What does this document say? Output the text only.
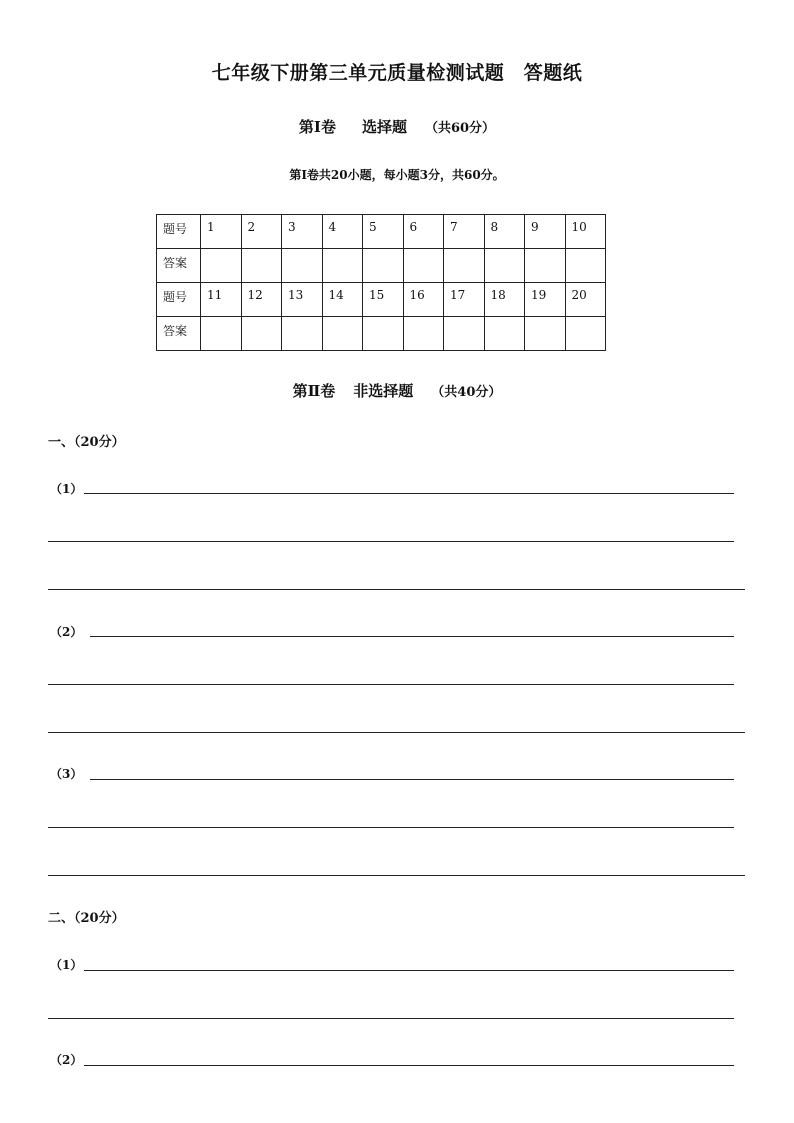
七年级下册第三单元质量检测试题　答题纸
第Ⅰ卷 选择题 （共60分）
第Ⅰ卷共20小题，每小题3分，共60分。
题号	1	2	3	4	5	6	7	8	9	10
答案										
题号	11	12	13	14	15	16	17	18	19	20
答案										
第Ⅱ卷 非选择题 （共40分）
一、（20分）
（1）
（2）
（3）
二、（20分）
（1）
（2）
